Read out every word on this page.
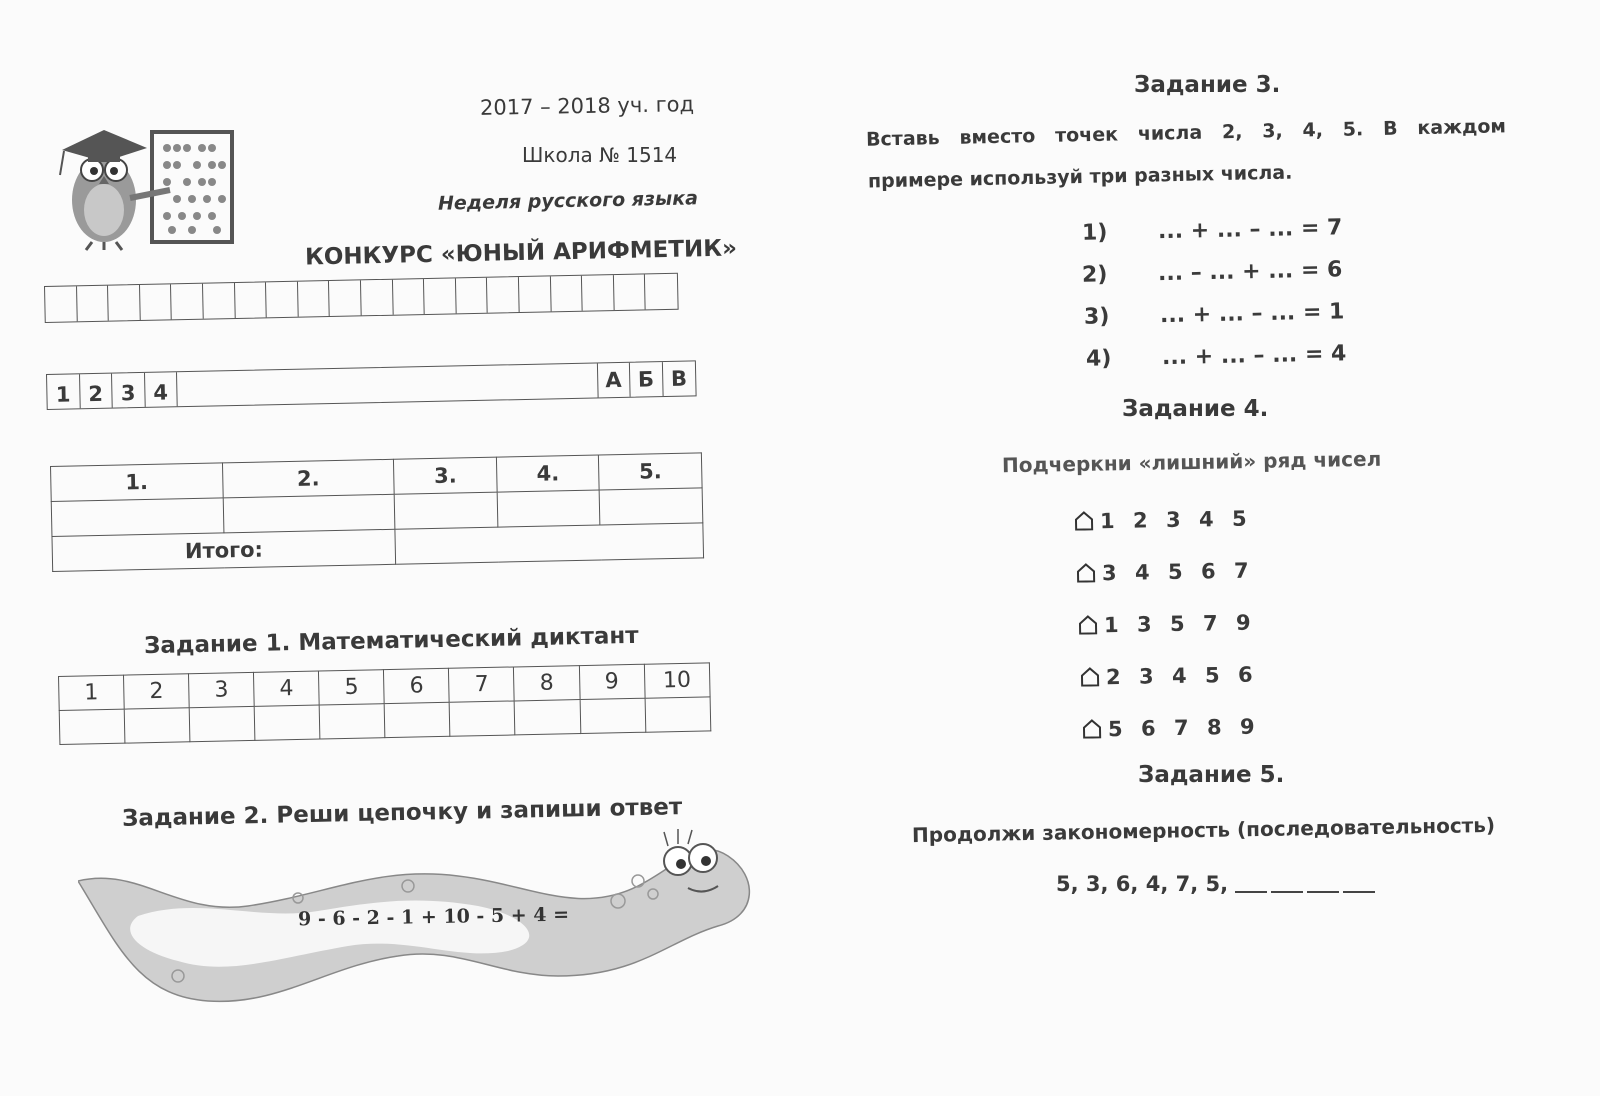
2017 – 2018 уч. год
Школа № 1514
Неделя русского языка
КОНКУРС «ЮНЫЙ АРИФМЕТИК»
1 2 3 4
А Б В
1.	2.	3.	4.	5.

Итого:				
Задание 1. Математический диктант
1	2	3	4	5	6	7	8	9	10

Задание 2. Реши цепочку и запиши ответ
9 - 6 - 2 - 1 + 10 - 5 + 4 =
Задание 3.
Вставь вместо точек числа 2, 3, 4, 5. В каждом
примере используй три разных числа.
1) ... + ... – ... = 7
2) ... – ... + ... = 6
3) ... + ... – ... = 1
4) ... + ... – ... = 4
Задание 4.
Подчеркни «лишний» ряд чисел
1 2 3 4 5
3 4 5 6 7
1 3 5 7 9
2 3 4 5 6
5 6 7 8 9
Задание 5.
Продолжи закономерность (последовательность)
5, 3, 6, 4, 7, 5,
